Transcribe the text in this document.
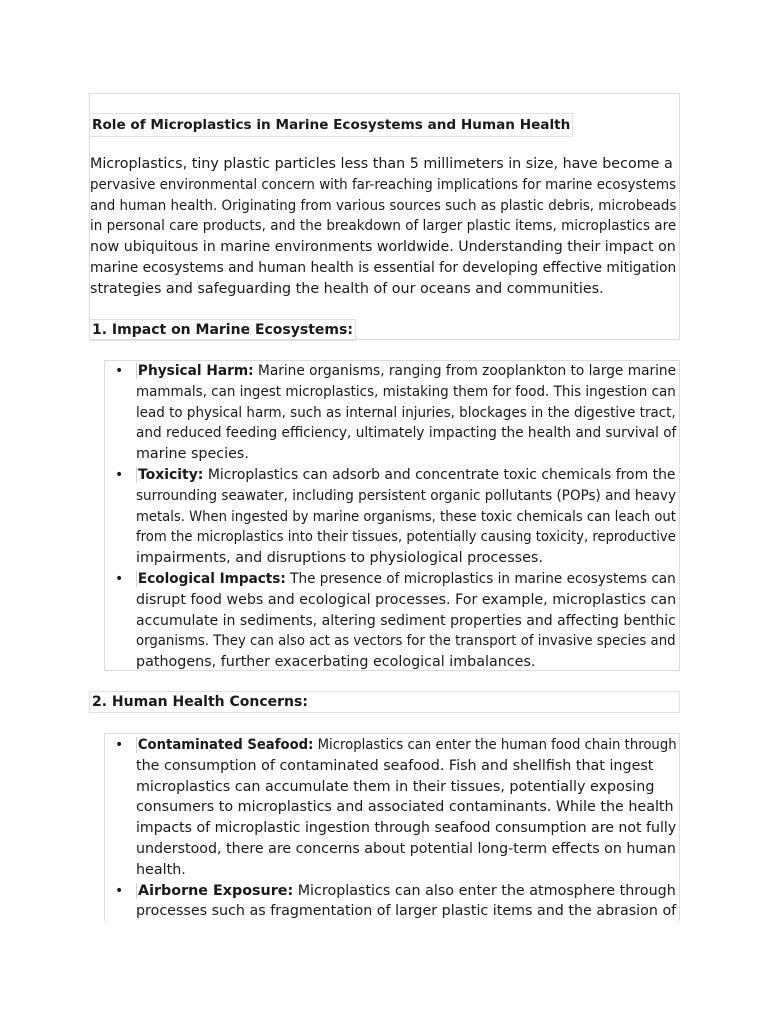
Role of Microplastics in Marine Ecosystems and Human Health

Microplastics, tiny plastic particles less than 5 millimeters in size, have become a
pervasive environmental concern with far-reaching implications for marine ecosystems
and human health. Originating from various sources such as plastic debris, microbeads
in personal care products, and the breakdown of larger plastic items, microplastics are
now ubiquitous in marine environments worldwide. Understanding their impact on
marine ecosystems and human health is essential for developing effective mitigation
strategies and safeguarding the health of our oceans and communities.

1. Impact on Marine Ecosystems:
• Physical Harm: Marine organisms, ranging from zooplankton to large marine
mammals, can ingest microplastics, mistaking them for food. This ingestion can
lead to physical harm, such as internal injuries, blockages in the digestive tract,
and reduced feeding efficiency, ultimately impacting the health and survival of
marine species.
• Toxicity: Microplastics can adsorb and concentrate toxic chemicals from the
surrounding seawater, including persistent organic pollutants (POPs) and heavy
metals. When ingested by marine organisms, these toxic chemicals can leach out
from the microplastics into their tissues, potentially causing toxicity, reproductive
impairments, and disruptions to physiological processes.
• Ecological Impacts: The presence of microplastics in marine ecosystems can
disrupt food webs and ecological processes. For example, microplastics can
accumulate in sediments, altering sediment properties and affecting benthic
organisms. They can also act as vectors for the transport of invasive species and
pathogens, further exacerbating ecological imbalances.
2. Human Health Concerns:
• Contaminated Seafood: Microplastics can enter the human food chain through
the consumption of contaminated seafood. Fish and shellfish that ingest
microplastics can accumulate them in their tissues, potentially exposing
consumers to microplastics and associated contaminants. While the health
impacts of microplastic ingestion through seafood consumption are not fully
understood, there are concerns about potential long-term effects on human
health.
• Airborne Exposure: Microplastics can also enter the atmosphere through
processes such as fragmentation of larger plastic items and the abrasion of
